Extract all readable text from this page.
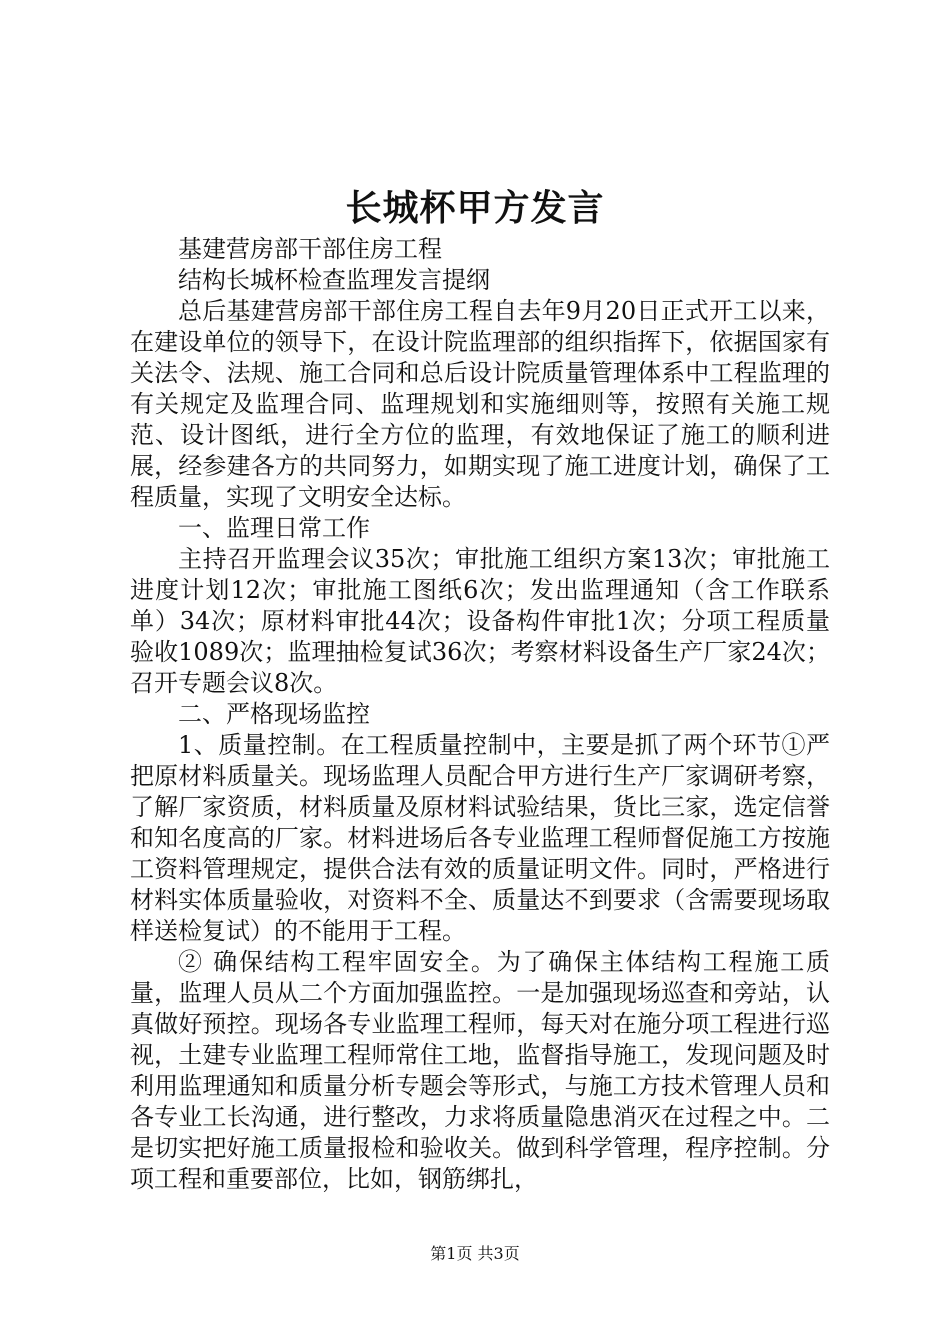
长城杯甲方发言

基建营房部干部住房工程

结构长城杯检查监理发言提纲

总后基建营房部干部住房工程自去年9月20日正式开工以来，在建设单位的领导下，在设计院监理部的组织指挥下，依据国家有关法令、法规、施工合同和总后设计院质量管理体系中工程监理的有关规定及监理合同、监理规划和实施细则等，按照有关施工规范、设计图纸，进行全方位的监理，有效地保证了施工的顺利进展，经参建各方的共同努力，如期实现了施工进度计划，确保了工程质量，实现了文明安全达标。

一、监理日常工作

主持召开监理会议35次；审批施工组织方案13次；审批施工进度计划12次；审批施工图纸6次；发出监理通知（含工作联系单）34次；原材料审批44次；设备构件审批1次；分项工程质量验收1089次；监理抽检复试36次；考察材料设备生产厂家24次；召开专题会议8次。

二、严格现场监控

1、质量控制。在工程质量控制中，主要是抓了两个环节①严把原材料质量关。现场监理人员配合甲方进行生产厂家调研考察，了解厂家资质，材料质量及原材料试验结果，货比三家，选定信誉和知名度高的厂家。材料进场后各专业监理工程师督促施工方按施工资料管理规定，提供合法有效的质量证明文件。同时，严格进行材料实体质量验收，对资料不全、质量达不到要求（含需要现场取样送检复试）的不能用于工程。

② 确保结构工程牢固安全。为了确保主体结构工程施工质量，监理人员从二个方面加强监控。一是加强现场巡查和旁站，认真做好预控。现场各专业监理工程师，每天对在施分项工程进行巡视，土建专业监理工程师常住工地，监督指导施工，发现问题及时利用监理通知和质量分析专题会等形式，与施工方技术管理人员和各专业工长沟通，进行整改，力求将质量隐患消灭在过程之中。二是切实把好施工质量报检和验收关。做到科学管理，程序控制。分项工程和重要部位，比如，钢筋绑扎，

第1页 共3页
